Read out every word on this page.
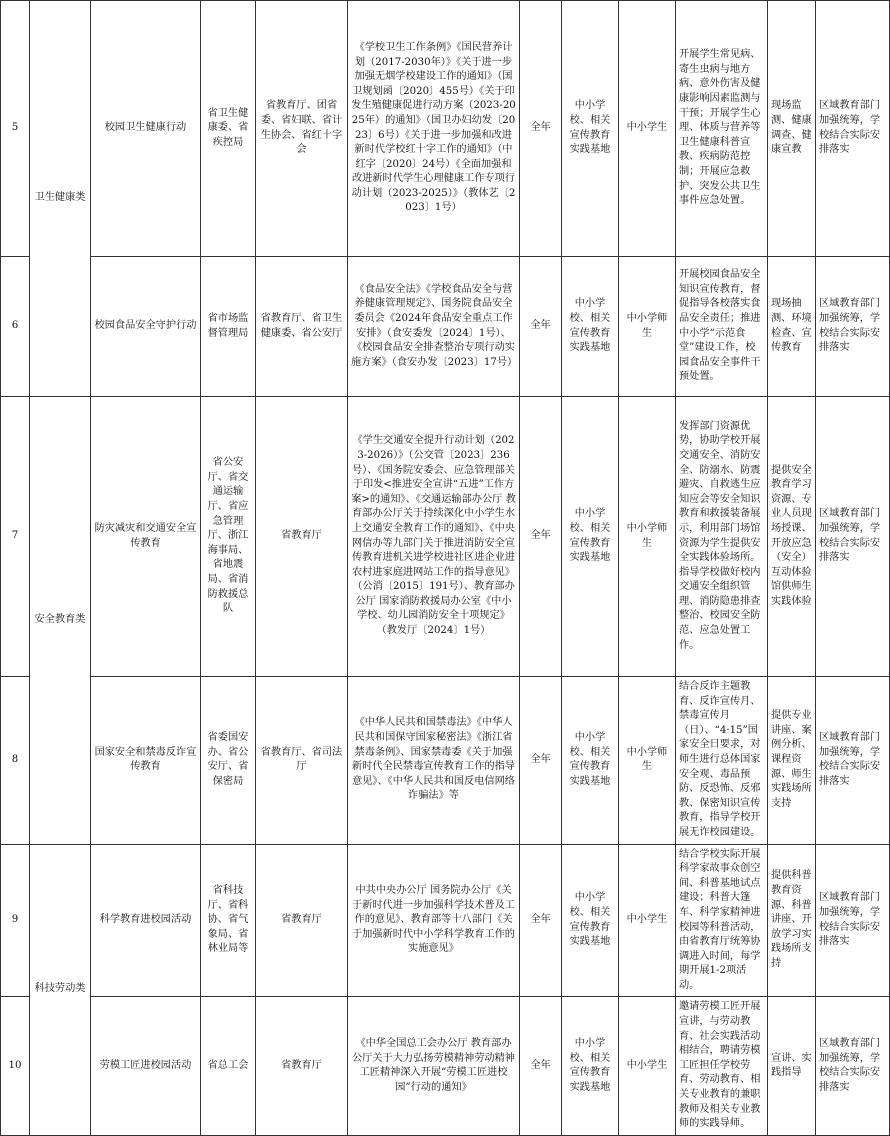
5	卫生健康类	校园卫生健康行动	省卫生健康委、省疾控局	省教育厅、团省委、省妇联、省计生协会、省红十字会	《学校卫生工作条例》《国民营养计划（2017-2030年）》《关于进一步加强无烟学校建设工作的通知》（国卫规划函〔2020〕455号）《关于印发生殖健康促进行动方案（2023-2025年）的通知》（国卫办妇幼发〔2023〕6号）《关于进一步加强和改进新时代学校红十字工作的通知》（中红字〔2020〕24号）《全面加强和改进新时代学生心理健康工作专项行动计划（2023-2025）》（教体艺〔2023〕1号）	全年	中小学校、相关宣传教育实践基地	中小学生	开展学生常见病、寄生虫病与地方病、意外伤害及健康影响因素监测与干预；开展学生心理、体质与营养等卫生健康科普宣教、疾病防范控制；开展应急救护、突发公共卫生事件应急处置。	现场监测、健康调查、健康宣教	区域教育部门加强统筹，学校结合实际安排落实
6		校园食品安全守护行动	省市场监督管理局	省教育厅、省卫生健康委、省公安厅	《食品安全法》《学校食品安全与营养健康管理规定》、国务院食品安全委员会《2024年食品安全重点工作安排》（食安委发〔2024〕1号）、《校园食品安全排查整治专项行动实施方案》（食安办发〔2023〕17号）	全年	中小学校、相关宣传教育实践基地	中小学师生	开展校园食品安全知识宣传教育，督促指导各校落实食品安全责任；推进中小学“示范食堂”建设工作，校园食品安全事件干预处置。	现场抽测、环境检查、宣传教育	区域教育部门加强统筹，学校结合实际安排落实
7	安全教育类	防灾减灾和交通安全宣传教育	省公安厅、省交通运输厅、省应急管理厅、浙江海事局、省地震局、省消防救援总队	省教育厅	《学生交通安全提升行动计划（2023-2026）》（公交管〔2023〕236号）、《国务院安委会、应急管理部关于印发<推进安全宣讲“五进”工作方案>的通知》、《交通运输部办公厅 教育部办公厅关于持续深化中小学生水上交通安全教育工作的通知》、《中央网信办等九部门关于推进消防安全宣传教育进机关进学校进社区进企业进农村进家庭进网站工作的指导意见》（公消〔2015〕191号）、教育部办公厅 国家消防救援局办公室《中小学校、幼儿园消防安全十项规定》（教发厅〔2024〕1号）	全年	中小学校、相关宣传教育实践基地	中小学师生	发挥部门资源优势，协助学校开展交通安全、消防安全、防溺水、防震避灾、自救逃生应知应会等安全知识教育和救援装备展示，利用部门场馆资源为学生提供安全实践体验场所。指导学校做好校内交通安全组织管理、消防隐患排查整治、校园安全防范、应急处置工作。	提供安全教育学习资源、专业人员现场授课、开放应急（安全）互动体验馆供师生实践体验	区域教育部门加强统筹，学校结合实际安排落实
8		国家安全和禁毒反诈宣传教育	省委国安办、省公安厅、省保密局	省教育厅、省司法厅	《中华人民共和国禁毒法》《中华人民共和国保守国家秘密法》《浙江省禁毒条例》、国家禁毒委《关于加强新时代全民禁毒宣传教育工作的指导意见》、《中华人民共和国反电信网络诈骗法》等	全年	中小学校、相关宣传教育实践基地	中小学师生	结合反诈主题教育、反诈宣传月、禁毒宣传月（日）、“4·15”国家安全日要求，对师生进行总体国家安全观、毒品预防、反恐怖、反邪教、保密知识宣传教育，指导学校开展无诈校园建设。	提供专业讲座、案例分析、课程资源、师生实践场所支持	区域教育部门加强统筹，学校结合实际安排落实
9	科技劳动类	科学教育进校园活动	省科技厅、省科协、省气象局、省林业局等	省教育厅	中共中央办公厅 国务院办公厅《关于新时代进一步加强科学技术普及工作的意见》、教育部等十八部门《关于加强新时代中小学科学教育工作的实施意见》	全年	中小学校、相关宣传教育实践基地	中小学生	结合学校实际开展科学家故事众创空间、科普基地试点建设；科普大篷车、科学家精神进校园等科普活动，由省教育厅统筹协调进入时间，每学期开展1-2项活动。	提供科普教育资源、科普讲座、开放学习实践场所支持	区域教育部门加强统筹，学校结合实际安排落实
10		劳模工匠进校园活动	省总工会	省教育厅	《中华全国总工会办公厅 教育部办公厅关于大力弘扬劳模精神劳动精神工匠精神深入开展“劳模工匠进校园”行动的通知》	全年	中小学校、相关宣传教育实践基地	中小学生	邀请劳模工匠开展宣讲，与劳动教育、社会实践活动相结合，聘请劳模工匠担任学校劳育、劳动教育、相关专业教育的兼职教师及相关专业教师的实践导师。	宣讲、实践指导	区域教育部门加强统筹，学校结合实际安排落实
